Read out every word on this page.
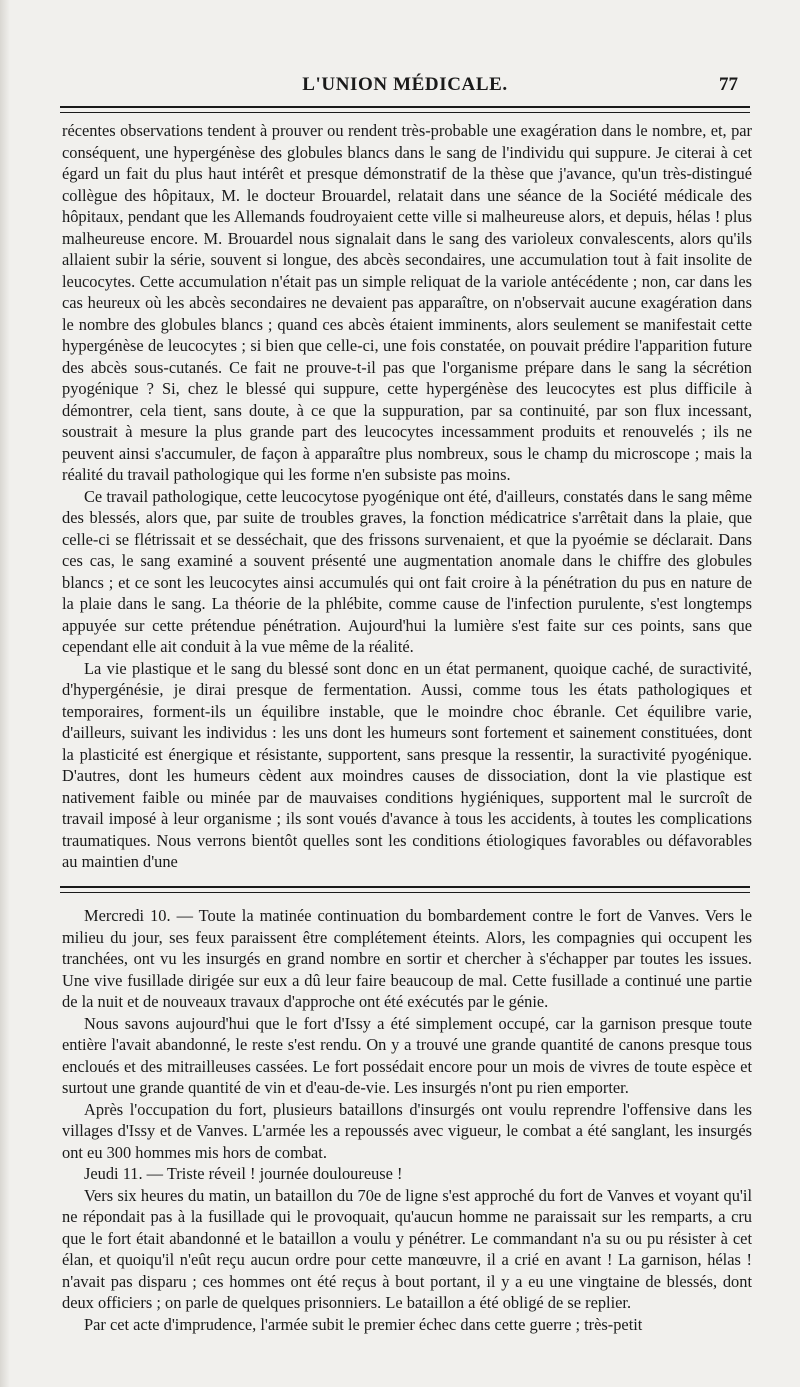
L'UNION MÉDICALE.	77

récentes observations tendent à prouver ou rendent très-probable une exagération dans le nombre, et, par conséquent, une hypergénèse des globules blancs dans le sang de l'individu qui suppure. Je citerai à cet égard un fait du plus haut intérêt et presque démonstratif de la thèse que j'avance, qu'un très-distingué collègue des hôpitaux, M. le docteur Brouardel, relatait dans une séance de la Société médicale des hôpitaux, pendant que les Allemands foudroyaient cette ville si malheureuse alors, et depuis, hélas ! plus malheureuse encore. M. Brouardel nous signalait dans le sang des varioleux convalescents, alors qu'ils allaient subir la série, souvent si longue, des abcès secondaires, une accumulation tout à fait insolite de leucocytes. Cette accumulation n'était pas un simple reliquat de la variole antécédente ; non, car dans les cas heureux où les abcès secondaires ne devaient pas apparaître, on n'observait aucune exagération dans le nombre des globules blancs ; quand ces abcès étaient imminents, alors seulement se manifestait cette hypergénèse de leucocytes ; si bien que celle-ci, une fois constatée, on pouvait prédire l'apparition future des abcès sous-cutanés. Ce fait ne prouve-t-il pas que l'organisme prépare dans le sang la sécrétion pyogénique ? Si, chez le blessé qui suppure, cette hypergénèse des leucocytes est plus difficile à démontrer, cela tient, sans doute, à ce que la suppuration, par sa continuité, par son flux incessant, soustrait à mesure la plus grande part des leucocytes incessamment produits et renouvelés ; ils ne peuvent ainsi s'accumuler, de façon à apparaître plus nombreux, sous le champ du microscope ; mais la réalité du travail pathologique qui les forme n'en subsiste pas moins.

Ce travail pathologique, cette leucocytose pyogénique ont été, d'ailleurs, constatés dans le sang même des blessés, alors que, par suite de troubles graves, la fonction médicatrice s'arrêtait dans la plaie, que celle-ci se flétrissait et se desséchait, que des frissons survenaient, et que la pyoémie se déclarait. Dans ces cas, le sang examiné a souvent présenté une augmentation anomale dans le chiffre des globules blancs ; et ce sont les leucocytes ainsi accumulés qui ont fait croire à la pénétration du pus en nature de la plaie dans le sang. La théorie de la phlébite, comme cause de l'infection purulente, s'est longtemps appuyée sur cette prétendue pénétration. Aujourd'hui la lumière s'est faite sur ces points, sans que cependant elle ait conduit à la vue même de la réalité.

La vie plastique et le sang du blessé sont donc en un état permanent, quoique caché, de suractivité, d'hypergénésie, je dirai presque de fermentation. Aussi, comme tous les états pathologiques et temporaires, forment-ils un équilibre instable, que le moindre choc ébranle. Cet équilibre varie, d'ailleurs, suivant les individus : les uns dont les humeurs sont fortement et sainement constituées, dont la plasticité est énergique et résistante, supportent, sans presque la ressentir, la suractivité pyogénique. D'autres, dont les humeurs cèdent aux moindres causes de dissociation, dont la vie plastique est nativement faible ou minée par de mauvaises conditions hygiéniques, supportent mal le surcroît de travail imposé à leur organisme ; ils sont voués d'avance à tous les accidents, à toutes les complications traumatiques. Nous verrons bientôt quelles sont les conditions étiologiques favorables ou défavorables au maintien d'une

Mercredi 10. — Toute la matinée continuation du bombardement contre le fort de Vanves. Vers le milieu du jour, ses feux paraissent être complétement éteints. Alors, les compagnies qui occupent les tranchées, ont vu les insurgés en grand nombre en sortir et chercher à s'échapper par toutes les issues. Une vive fusillade dirigée sur eux a dû leur faire beaucoup de mal. Cette fusillade a continué une partie de la nuit et de nouveaux travaux d'approche ont été exécutés par le génie.

Nous savons aujourd'hui que le fort d'Issy a été simplement occupé, car la garnison presque toute entière l'avait abandonné, le reste s'est rendu. On y a trouvé une grande quantité de canons presque tous encloués et des mitrailleuses cassées. Le fort possédait encore pour un mois de vivres de toute espèce et surtout une grande quantité de vin et d'eau-de-vie. Les insurgés n'ont pu rien emporter.

Après l'occupation du fort, plusieurs bataillons d'insurgés ont voulu reprendre l'offensive dans les villages d'Issy et de Vanves. L'armée les a repoussés avec vigueur, le combat a été sanglant, les insurgés ont eu 300 hommes mis hors de combat.

Jeudi 11. — Triste réveil ! journée douloureuse !

Vers six heures du matin, un bataillon du 70e de ligne s'est approché du fort de Vanves et voyant qu'il ne répondait pas à la fusillade qui le provoquait, qu'aucun homme ne paraissait sur les remparts, a cru que le fort était abandonné et le bataillon a voulu y pénétrer. Le commandant n'a su ou pu résister à cet élan, et quoiqu'il n'eût reçu aucun ordre pour cette manœuvre, il a crié en avant ! La garnison, hélas ! n'avait pas disparu ; ces hommes ont été reçus à bout portant, il y a eu une vingtaine de blessés, dont deux officiers ; on parle de quelques prisonniers. Le bataillon a été obligé de se replier.

Par cet acte d'imprudence, l'armée subit le premier échec dans cette guerre ; très-petit
